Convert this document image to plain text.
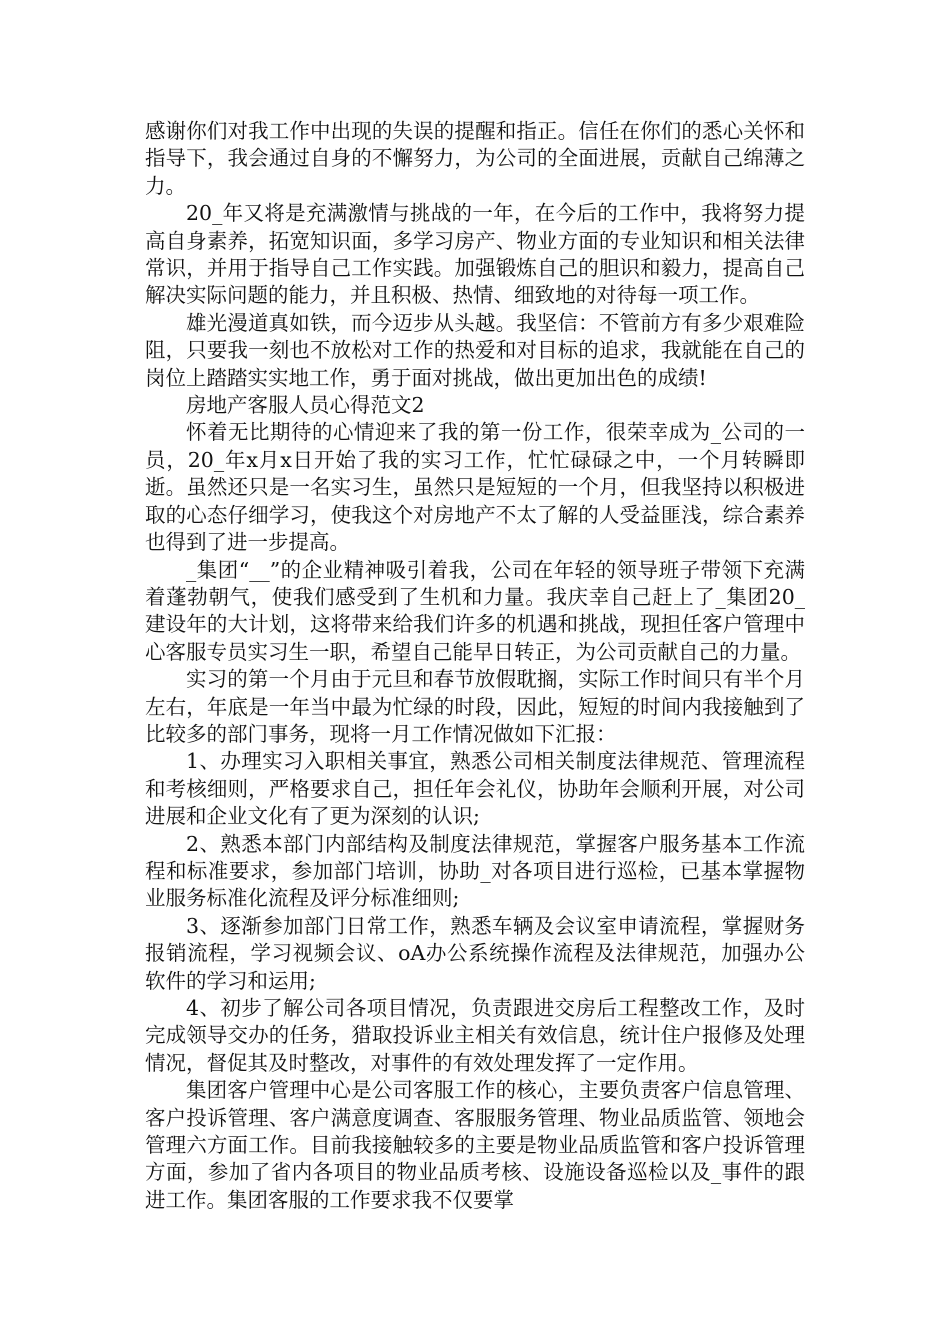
感谢你们对我工作中出现的失误的提醒和指正。信任在你们的悉心关怀和指导下，我会通过自身的不懈努力，为公司的全面进展，贡献自己绵薄之力。

20_年又将是充满激情与挑战的一年，在今后的工作中，我将努力提高自身素养，拓宽知识面，多学习房产、物业方面的专业知识和相关法律常识，并用于指导自己工作实践。加强锻炼自己的胆识和毅力，提高自己解决实际问题的能力，并且积极、热情、细致地的对待每一项工作。

雄光漫道真如铁，而今迈步从头越。我坚信：不管前方有多少艰难险阻，只要我一刻也不放松对工作的热爱和对目标的追求，我就能在自己的岗位上踏踏实实地工作，勇于面对挑战，做出更加出色的成绩!

房地产客服人员心得范文2

怀着无比期待的心情迎来了我的第一份工作，很荣幸成为_公司的一员，20_年x月x日开始了我的实习工作，忙忙碌碌之中，一个月转瞬即逝。虽然还只是一名实习生，虽然只是短短的一个月，但我坚持以积极进取的心态仔细学习，使我这个对房地产不太了解的人受益匪浅，综合素养也得到了进一步提高。

_集团“__”的企业精神吸引着我，公司在年轻的领导班子带领下充满着蓬勃朝气，使我们感受到了生机和力量。我庆幸自己赶上了_集团20_建设年的大计划，这将带来给我们许多的机遇和挑战，现担任客户管理中心客服专员实习生一职，希望自己能早日转正，为公司贡献自己的力量。

实习的第一个月由于元旦和春节放假耽搁，实际工作时间只有半个月左右，年底是一年当中最为忙绿的时段，因此，短短的时间内我接触到了比较多的部门事务，现将一月工作情况做如下汇报：

1、办理实习入职相关事宜，熟悉公司相关制度法律规范、管理流程和考核细则，严格要求自己，担任年会礼仪，协助年会顺利开展，对公司进展和企业文化有了更为深刻的认识;

2、熟悉本部门内部结构及制度法律规范，掌握客户服务基本工作流程和标准要求，参加部门培训，协助_对各项目进行巡检，已基本掌握物业服务标准化流程及评分标准细则;

3、逐渐参加部门日常工作，熟悉车辆及会议室申请流程，掌握财务报销流程，学习视频会议、oA办公系统操作流程及法律规范，加强办公软件的学习和运用;

4、初步了解公司各项目情况，负责跟进交房后工程整改工作，及时完成领导交办的任务，猎取投诉业主相关有效信息，统计住户报修及处理情况，督促其及时整改，对事件的有效处理发挥了一定作用。

集团客户管理中心是公司客服工作的核心，主要负责客户信息管理、客户投诉管理、客户满意度调查、客服服务管理、物业品质监管、领地会管理六方面工作。目前我接触较多的主要是物业品质监管和客户投诉管理方面，参加了省内各项目的物业品质考核、设施设备巡检以及_事件的跟进工作。集团客服的工作要求我不仅要掌
